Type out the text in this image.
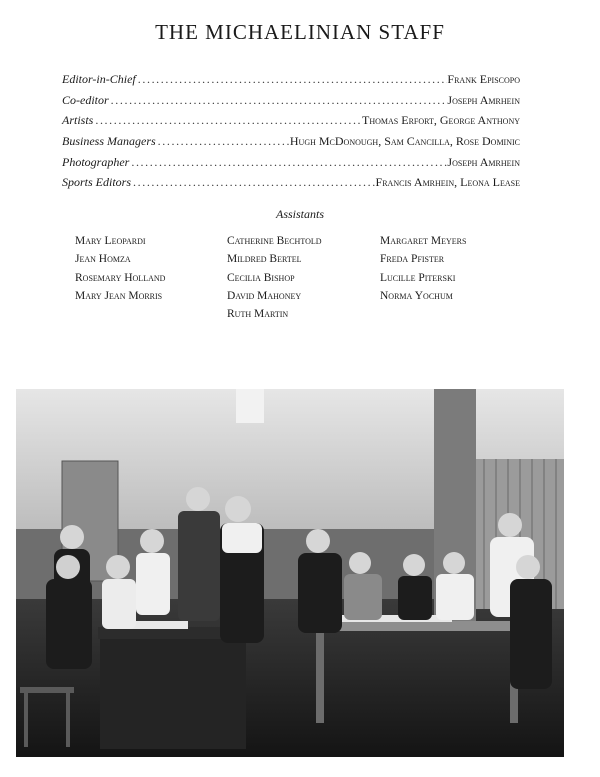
THE MICHAELINIAN STAFF
Editor-in-Chief .....	Frank Episcopo
Co-editor .....	Joseph Amrhein
Artists .....	Thomas Erfort, George Anthony
Business Managers .....	Hugh McDonough, Sam Cancilla, Rose Dominic
Photographer .....	Joseph Amrhein
Sports Editors .....	Francis Amrhein, Leona Lease
Assistants
Mary Leopardi
Jean Homza
Rosemary Holland
Mary Jean Morris
Catherine Bechtold
Mildred Bertel
Cecilia Bishop
David Mahoney
Ruth Martin
Margaret Meyers
Freda Pfister
Lucille Piterski
Norma Yochum
